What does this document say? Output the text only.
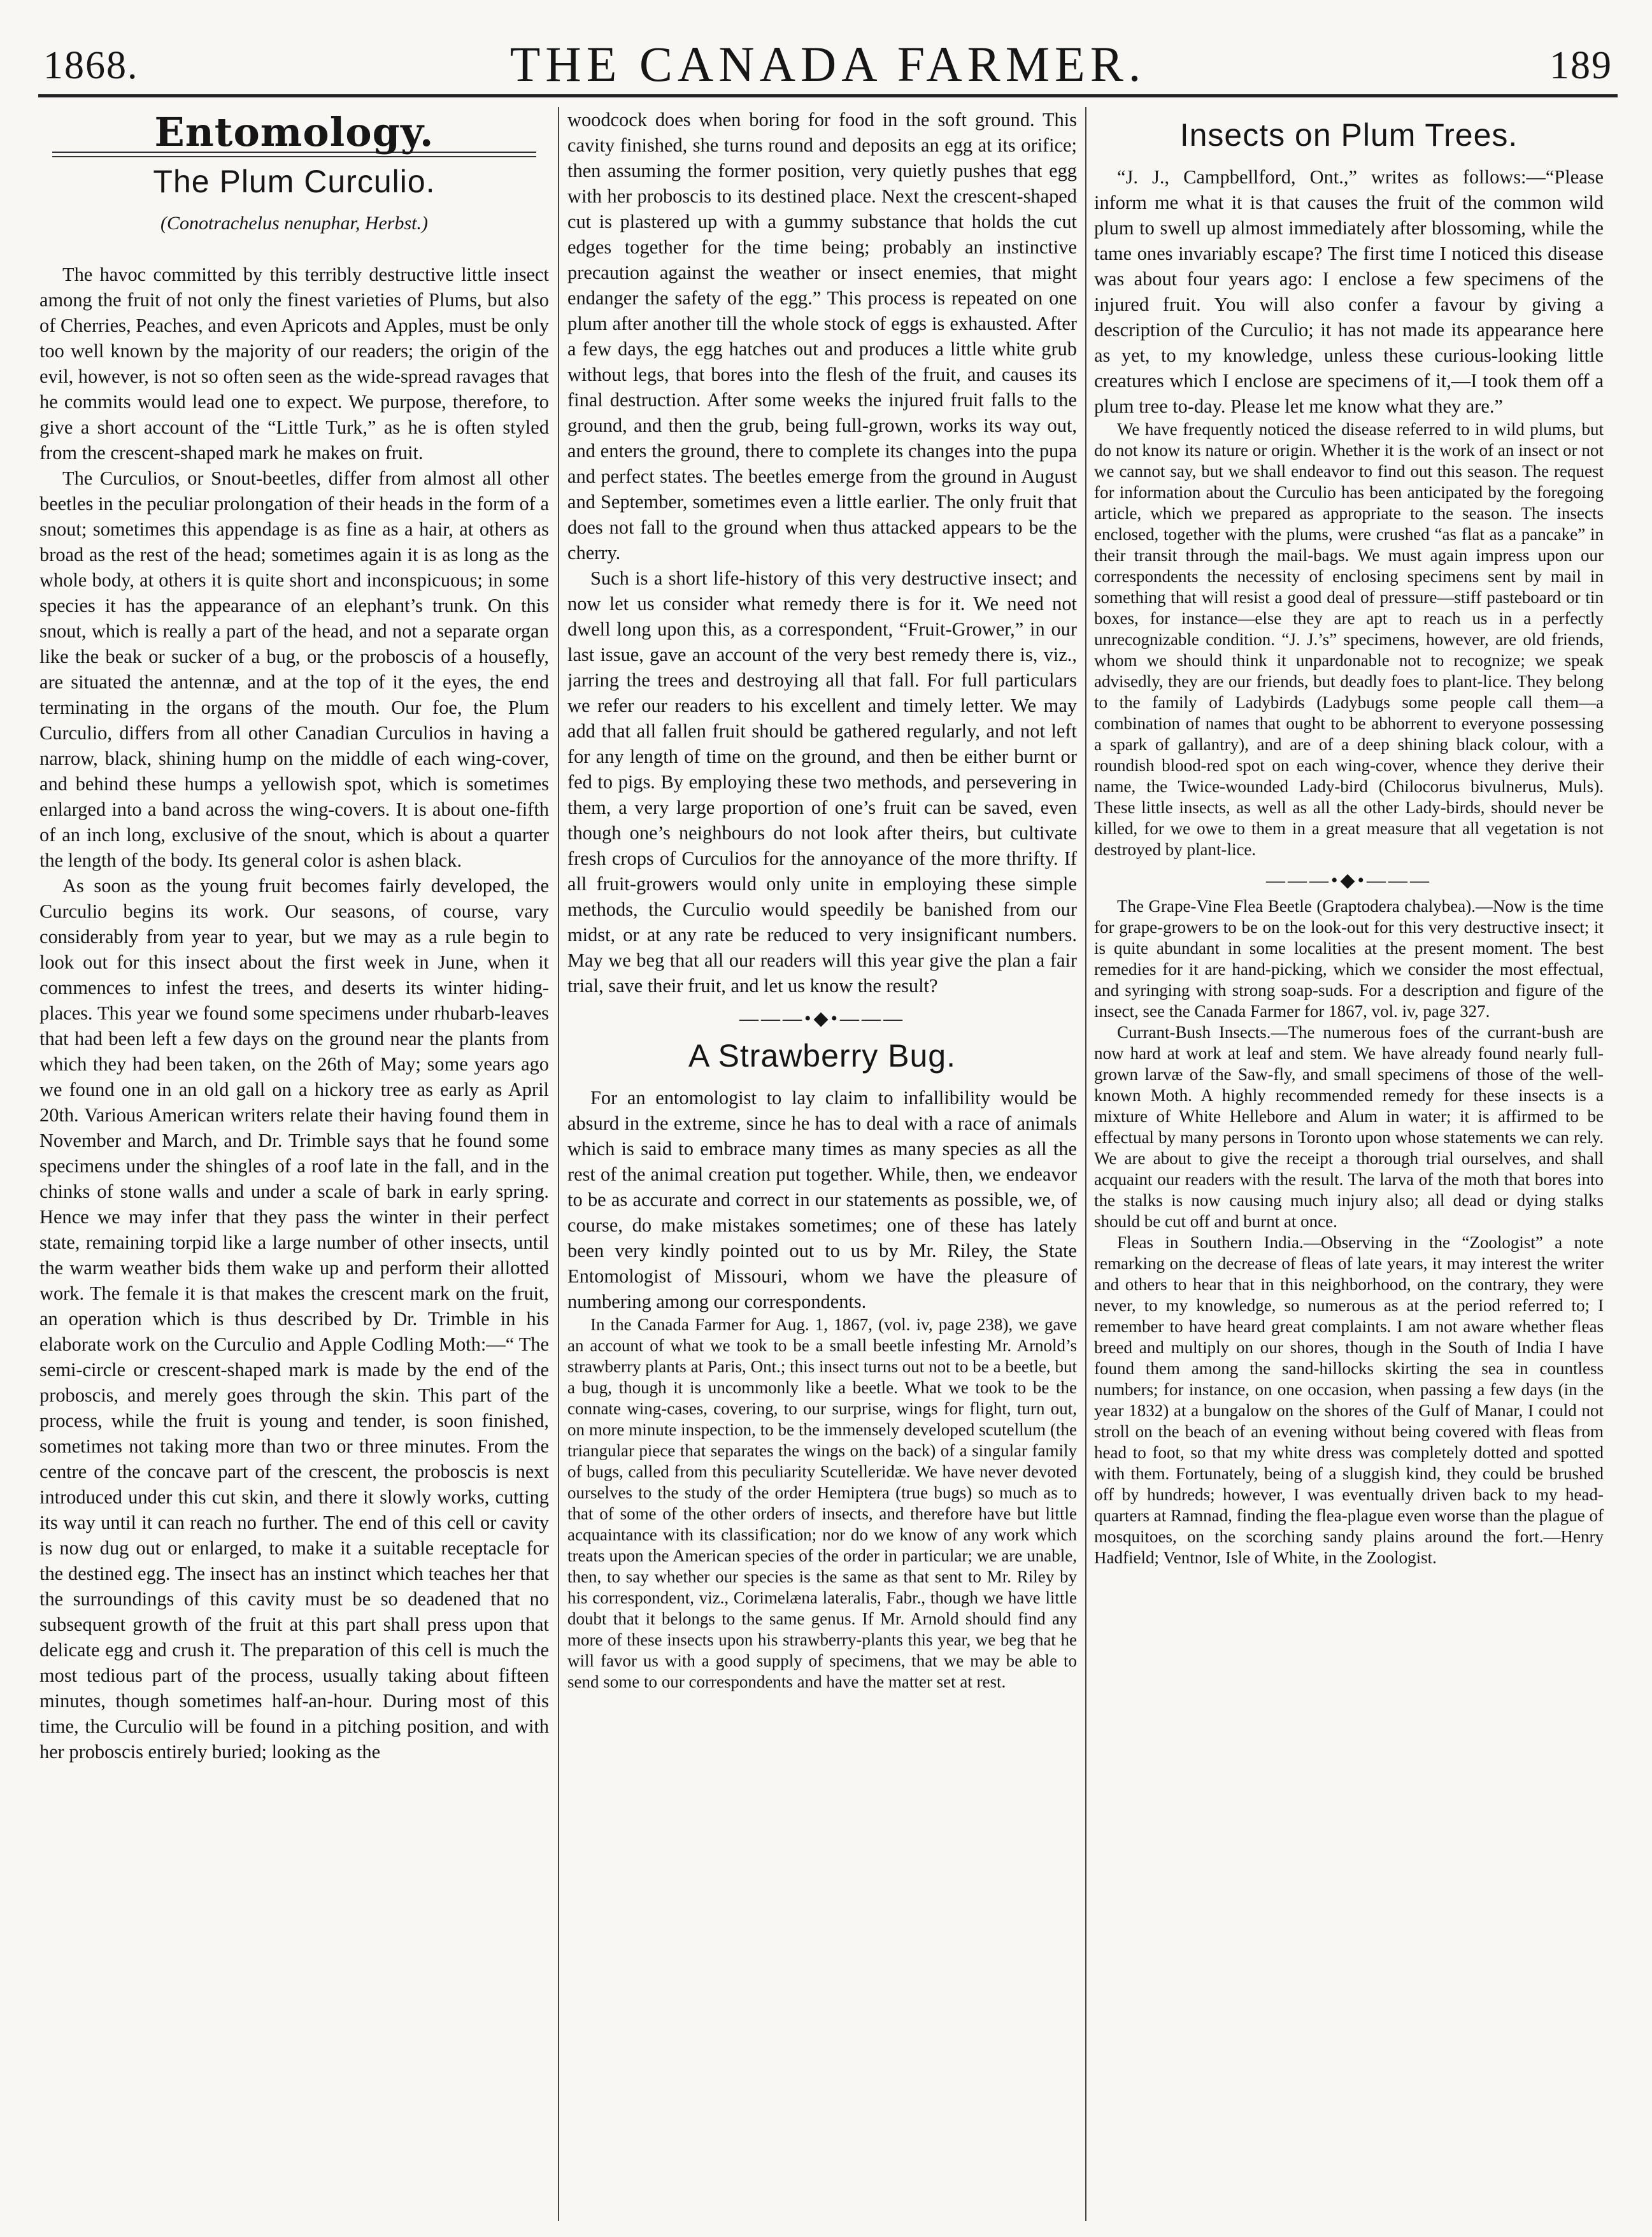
1868.	THE CANADA FARMER.	189
Entomology.
The Plum Curculio.
(Conotrachelus nenuphar, Herbst.)

The havoc committed by this terribly destructive little insect among the fruit of not only the finest varieties of Plums, but also of Cherries, Peaches, and even Apricots and Apples, must be only too well known by the majority of our readers; the origin of the evil, however, is not so often seen as the wide-spread ravages that he commits would lead one to expect. We purpose, therefore, to give a short account of the “Little Turk,” as he is often styled from the crescent-shaped mark he makes on fruit.

The Curculios, or Snout-beetles, differ from almost all other beetles in the peculiar prolongation of their heads in the form of a snout; sometimes this appendage is as fine as a hair, at others as broad as the rest of the head; sometimes again it is as long as the whole body, at others it is quite short and inconspicuous; in some species it has the appearance of an elephant’s trunk. On this snout, which is really a part of the head, and not a separate organ like the beak or sucker of a bug, or the proboscis of a housefly, are situated the antennæ, and at the top of it the eyes, the end terminating in the organs of the mouth. Our foe, the Plum Curculio, differs from all other Canadian Curculios in having a narrow, black, shining hump on the middle of each wing-cover, and behind these humps a yellowish spot, which is sometimes enlarged into a band across the wing-covers. It is about one-fifth of an inch long, exclusive of the snout, which is about a quarter the length of the body. Its general color is ashen black.

As soon as the young fruit becomes fairly developed, the Curculio begins its work. Our seasons, of course, vary considerably from year to year, but we may as a rule begin to look out for this insect about the first week in June, when it commences to infest the trees, and deserts its winter hiding-places. This year we found some specimens under rhubarb-leaves that had been left a few days on the ground near the plants from which they had been taken, on the 26th of May; some years ago we found one in an old gall on a hickory tree as early as April 20th. Various American writers relate their having found them in November and March, and Dr. Trimble says that he found some specimens under the shingles of a roof late in the fall, and in the chinks of stone walls and under a scale of bark in early spring. Hence we may infer that they pass the winter in their perfect state, remaining torpid like a large number of other insects, until the warm weather bids them wake up and perform their allotted work. The female it is that makes the crescent mark on the fruit, an operation which is thus described by Dr. Trimble in his elaborate work on the Curculio and Apple Codling Moth:—“ The semi-circle or crescent-shaped mark is made by the end of the proboscis, and merely goes through the skin. This part of the process, while the fruit is young and tender, is soon finished, sometimes not taking more than two or three minutes. From the centre of the concave part of the crescent, the proboscis is next introduced under this cut skin, and there it slowly works, cutting its way until it can reach no further. The end of this cell or cavity is now dug out or enlarged, to make it a suitable receptacle for the destined egg. The insect has an instinct which teaches her that the surroundings of this cavity must be so deadened that no subsequent growth of the fruit at this part shall press upon that delicate egg and crush it. The preparation of this cell is much the most tedious part of the process, usually taking about fifteen minutes, though sometimes half-an-hour. During most of this time, the Curculio will be found in a pitching position, and with her proboscis entirely buried; looking as the

woodcock does when boring for food in the soft ground. This cavity finished, she turns round and deposits an egg at its orifice; then assuming the former position, very quietly pushes that egg with her proboscis to its destined place. Next the crescent-shaped cut is plastered up with a gummy substance that holds the cut edges together for the time being; probably an instinctive precaution against the weather or insect enemies, that might endanger the safety of the egg.” This process is repeated on one plum after another till the whole stock of eggs is exhausted. After a few days, the egg hatches out and produces a little white grub without legs, that bores into the flesh of the fruit, and causes its final destruction. After some weeks the injured fruit falls to the ground, and then the grub, being full-grown, works its way out, and enters the ground, there to complete its changes into the pupa and perfect states. The beetles emerge from the ground in August and September, sometimes even a little earlier. The only fruit that does not fall to the ground when thus attacked appears to be the cherry.

Such is a short life-history of this very destructive insect; and now let us consider what remedy there is for it. We need not dwell long upon this, as a correspondent, “Fruit-Grower,” in our last issue, gave an account of the very best remedy there is, viz., jarring the trees and destroying all that fall. For full particulars we refer our readers to his excellent and timely letter. We may add that all fallen fruit should be gathered regularly, and not left for any length of time on the ground, and then be either burnt or fed to pigs. By employing these two methods, and persevering in them, a very large proportion of one’s fruit can be saved, even though one’s neighbours do not look after theirs, but cultivate fresh crops of Curculios for the annoyance of the more thrifty. If all fruit-growers would only unite in employing these simple methods, the Curculio would speedily be banished from our midst, or at any rate be reduced to very insignificant numbers. May we beg that all our readers will this year give the plan a fair trial, save their fruit, and let us know the result?

———•◆•———
A Strawberry Bug.

For an entomologist to lay claim to infallibility would be absurd in the extreme, since he has to deal with a race of animals which is said to embrace many times as many species as all the rest of the animal creation put together. While, then, we endeavor to be as accurate and correct in our statements as possible, we, of course, do make mistakes sometimes; one of these has lately been very kindly pointed out to us by Mr. Riley, the State Entomologist of Missouri, whom we have the pleasure of numbering among our correspondents.

In the Canada Farmer for Aug. 1, 1867, (vol. iv, page 238), we gave an account of what we took to be a small beetle infesting Mr. Arnold’s strawberry plants at Paris, Ont.; this insect turns out not to be a beetle, but a bug, though it is uncommonly like a beetle. What we took to be the connate wing-cases, covering, to our surprise, wings for flight, turn out, on more minute inspection, to be the immensely developed scutellum (the triangular piece that separates the wings on the back) of a singular family of bugs, called from this peculiarity Scutelleridæ. We have never devoted ourselves to the study of the order Hemiptera (true bugs) so much as to that of some of the other orders of insects, and therefore have but little acquaintance with its classification; nor do we know of any work which treats upon the American species of the order in particular; we are unable, then, to say whether our species is the same as that sent to Mr. Riley by his correspondent, viz., Corimelæna lateralis, Fabr., though we have little doubt that it belongs to the same genus. If Mr. Arnold should find any more of these insects upon his strawberry-plants this year, we beg that he will favor us with a good supply of specimens, that we may be able to send some to our correspondents and have the matter set at rest.

Insects on Plum Trees.

“J. J., Campbellford, Ont.,” writes as follows:—“Please inform me what it is that causes the fruit of the common wild plum to swell up almost immediately after blossoming, while the tame ones invariably escape? The first time I noticed this disease was about four years ago: I enclose a few specimens of the injured fruit. You will also confer a favour by giving a description of the Curculio; it has not made its appearance here as yet, to my knowledge, unless these curious-looking little creatures which I enclose are specimens of it,—I took them off a plum tree to-day. Please let me know what they are.”

We have frequently noticed the disease referred to in wild plums, but do not know its nature or origin. Whether it is the work of an insect or not we cannot say, but we shall endeavor to find out this season. The request for information about the Curculio has been anticipated by the foregoing article, which we prepared as appropriate to the season. The insects enclosed, together with the plums, were crushed “as flat as a pancake” in their transit through the mail-bags. We must again impress upon our correspondents the necessity of enclosing specimens sent by mail in something that will resist a good deal of pressure—stiff pasteboard or tin boxes, for instance—else they are apt to reach us in a perfectly unrecognizable condition. “J. J.’s” specimens, however, are old friends, whom we should think it unpardonable not to recognize; we speak advisedly, they are our friends, but deadly foes to plant-lice. They belong to the family of Ladybirds (Ladybugs some people call them—a combination of names that ought to be abhorrent to everyone possessing a spark of gallantry), and are of a deep shining black colour, with a roundish blood-red spot on each wing-cover, whence they derive their name, the Twice-wounded Lady-bird (Chilocorus bivulnerus, Muls). These little insects, as well as all the other Lady-birds, should never be killed, for we owe to them in a great measure that all vegetation is not destroyed by plant-lice.

———•◆•———

The Grape-Vine Flea Beetle (Graptodera chalybea).—Now is the time for grape-growers to be on the look-out for this very destructive insect; it is quite abundant in some localities at the present moment. The best remedies for it are hand-picking, which we consider the most effectual, and syringing with strong soap-suds. For a description and figure of the insect, see the Canada Farmer for 1867, vol. iv, page 327.

Currant-Bush Insects.—The numerous foes of the currant-bush are now hard at work at leaf and stem. We have already found nearly full-grown larvæ of the Saw-fly, and small specimens of those of the well-known Moth. A highly recommended remedy for these insects is a mixture of White Hellebore and Alum in water; it is affirmed to be effectual by many persons in Toronto upon whose statements we can rely. We are about to give the receipt a thorough trial ourselves, and shall acquaint our readers with the result. The larva of the moth that bores into the stalks is now causing much injury also; all dead or dying stalks should be cut off and burnt at once.

Fleas in Southern India.—Observing in the “Zoologist” a note remarking on the decrease of fleas of late years, it may interest the writer and others to hear that in this neighborhood, on the contrary, they were never, to my knowledge, so numerous as at the period referred to; I remember to have heard great complaints. I am not aware whether fleas breed and multiply on our shores, though in the South of India I have found them among the sand-hillocks skirting the sea in countless numbers; for instance, on one occasion, when passing a few days (in the year 1832) at a bungalow on the shores of the Gulf of Manar, I could not stroll on the beach of an evening without being covered with fleas from head to foot, so that my white dress was completely dotted and spotted with them. Fortunately, being of a sluggish kind, they could be brushed off by hundreds; however, I was eventually driven back to my head-quarters at Ramnad, finding the flea-plague even worse than the plague of mosquitoes, on the scorching sandy plains around the fort.—Henry Hadfield; Ventnor, Isle of White, in the Zoologist.
